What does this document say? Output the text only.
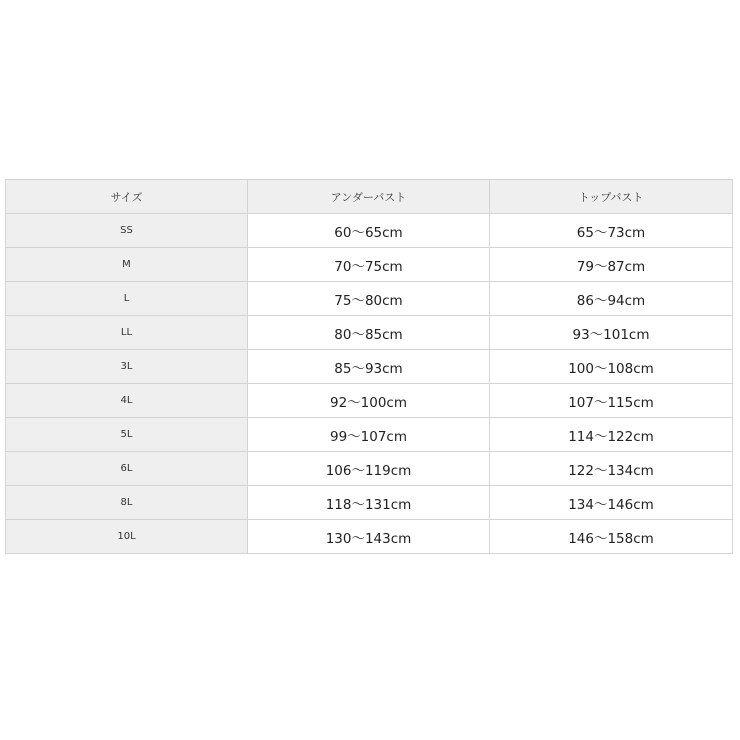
サイズ	アンダーバスト	トップバスト
SS	60～65cm	65～73cm
M	70～75cm	79～87cm
L	75～80cm	86～94cm
LL	80～85cm	93～101cm
3L	85～93cm	100～108cm
4L	92～100cm	107～115cm
5L	99～107cm	114～122cm
6L	106～119cm	122～134cm
8L	118～131cm	134～146cm
10L	130～143cm	146～158cm
